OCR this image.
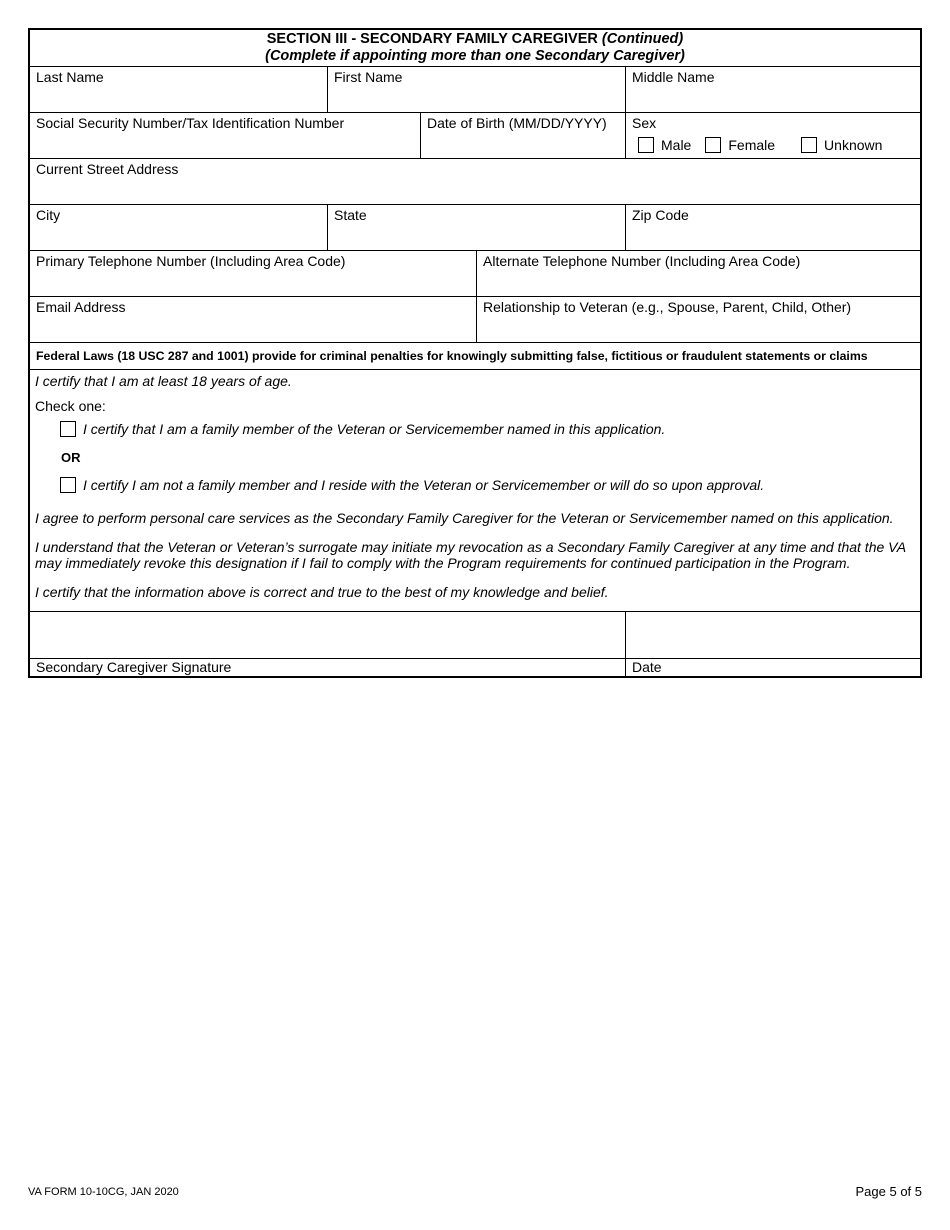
SECTION III - SECONDARY FAMILY CAREGIVER (Continued)
(Complete if appointing more than one Secondary Caregiver)
Last Name	First Name	Middle Name
Social Security Number/Tax Identification Number	Date of Birth (MM/DD/YYYY)	Sex
Male	Female	Unknown
Current Street Address
City	State	Zip Code
Primary Telephone Number (Including Area Code)	Alternate Telephone Number (Including Area Code)
Email Address	Relationship to Veteran (e.g., Spouse, Parent, Child, Other)
Federal Laws (18 USC 287 and 1001) provide for criminal penalties for knowingly submitting false, fictitious or fraudulent statements or claims
I certify that I am at least 18 years of age.
Check one:
I certify that I am a family member of the Veteran or Servicemember named in this application.
OR
I certify I am not a family member and I reside with the Veteran or Servicemember or will do so upon approval.
I agree to perform personal care services as the Secondary Family Caregiver for the Veteran or Servicemember named on this application.
I understand that the Veteran or Veteran’s surrogate may initiate my revocation as a Secondary Family Caregiver at any time and that the VA may immediately revoke this designation if I fail to comply with the Program requirements for continued participation in the Program.
I certify that the information above is correct and true to the best of my knowledge and belief.
Secondary Caregiver Signature	Date
VA FORM 10-10CG, JAN 2020	Page 5 of 5
